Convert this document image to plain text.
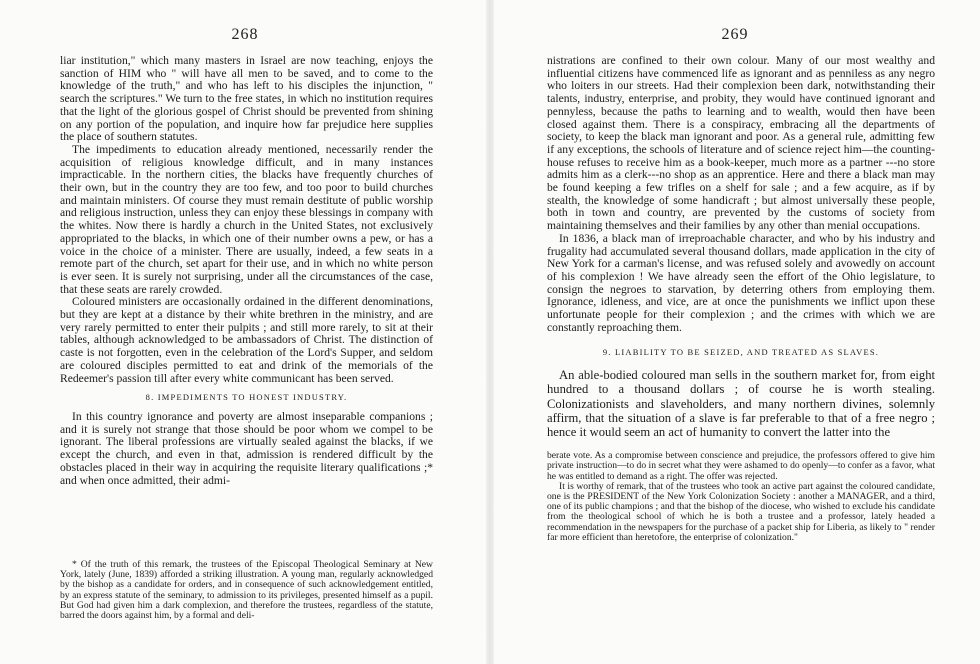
268

liar institution," which many masters in Israel are now teaching, enjoys the sanction of HIM who " will have all men to be saved, and to come to the knowledge of the truth," and who has left to his disciples the injunction, " search the scriptures." We turn to the free states, in which no institution requires that the light of the glorious gospel of Christ should be prevented from shining on any portion of the population, and inquire how far prejudice here supplies the place of southern statutes.

The impediments to education already mentioned, necessarily render the acquisition of religious knowledge difficult, and in many instances impracticable. In the northern cities, the blacks have frequently churches of their own, but in the country they are too few, and too poor to build churches and maintain ministers. Of course they must remain destitute of public worship and religious instruction, unless they can enjoy these blessings in company with the whites. Now there is hardly a church in the United States, not exclusively appropriated to the blacks, in which one of their number owns a pew, or has a voice in the choice of a minister. There are usually, indeed, a few seats in a remote part of the church, set apart for their use, and in which no white person is ever seen. It is surely not surprising, under all the circumstances of the case, that these seats are rarely crowded.

Coloured ministers are occasionally ordained in the different denominations, but they are kept at a distance by their white brethren in the ministry, and are very rarely permitted to enter their pulpits ; and still more rarely, to sit at their tables, although acknowledged to be ambassadors of Christ. The distinction of caste is not forgotten, even in the celebration of the Lord's Supper, and seldom are coloured disciples permitted to eat and drink of the memorials of the Redeemer's passion till after every white communicant has been served.

8. IMPEDIMENTS TO HONEST INDUSTRY.

In this country ignorance and poverty are almost inseparable companions ; and it is surely not strange that those should be poor whom we compel to be ignorant. The liberal professions are virtually sealed against the blacks, if we except the church, and even in that, admission is rendered difficult by the obstacles placed in their way in acquiring the requisite literary qualifications ;* and when once admitted, their admi-

* Of the truth of this remark, the trustees of the Episcopal Theological Seminary at New York, lately (June, 1839) afforded a striking illustration. A young man, regularly acknowledged by the bishop as a candidate for orders, and in consequence of such acknowledgement entitled, by an express statute of the seminary, to admission to its privileges, presented himself as a pupil. But God had given him a dark complexion, and therefore the trustees, regardless of the statute, barred the doors against him, by a formal and deli-

269

nistrations are confined to their own colour. Many of our most wealthy and influential citizens have commenced life as ignorant and as penniless as any negro who loiters in our streets. Had their complexion been dark, notwithstanding their talents, industry, enterprise, and probity, they would have continued ignorant and pennyless, because the paths to learning and to wealth, would then have been closed against them. There is a conspiracy, embracing all the departments of society, to keep the black man ignorant and poor. As a general rule, admitting few if any exceptions, the schools of literature and of science reject him—the counting-house refuses to receive him as a book-keeper, much more as a partner ---no store admits him as a clerk---no shop as an apprentice. Here and there a black man may be found keeping a few trifles on a shelf for sale ; and a few acquire, as if by stealth, the knowledge of some handicraft ; but almost universally these people, both in town and country, are prevented by the customs of society from maintaining themselves and their families by any other than menial occupations.

In 1836, a black man of irreproachable character, and who by his industry and frugality had accumulated several thousand dollars, made application in the city of New York for a carman's license, and was refused solely and avowedly on account of his complexion ! We have already seen the effort of the Ohio legislature, to consign the negroes to starvation, by deterring others from employing them. Ignorance, idleness, and vice, are at once the punishments we inflict upon these unfortunate people for their complexion ; and the crimes with which we are constantly reproaching them.

9. LIABILITY TO BE SEIZED, AND TREATED AS SLAVES.

An able-bodied coloured man sells in the southern market for, from eight hundred to a thousand dollars ; of course he is worth stealing. Colonizationists and slaveholders, and many northern divines, solemnly affirm, that the situation of a slave is far preferable to that of a free negro ; hence it would seem an act of humanity to convert the latter into the

berate vote. As a compromise between conscience and prejudice, the professors offered to give him private instruction—to do in secret what they were ashamed to do openly—to confer as a favor, what he was entitled to demand as a right. The offer was rejected.

It is worthy of remark, that of the trustees who took an active part against the coloured candidate, one is the PRESIDENT of the New York Colonization Society : another a MANAGER, and a third, one of its public champions ; and that the bishop of the diocese, who wished to exclude his candidate from the theological school of which he is both a trustee and a professor, lately headed a recommendation in the newspapers for the purchase of a packet ship for Liberia, as likely to " render far more efficient than heretofore, the enterprise of colonization."
